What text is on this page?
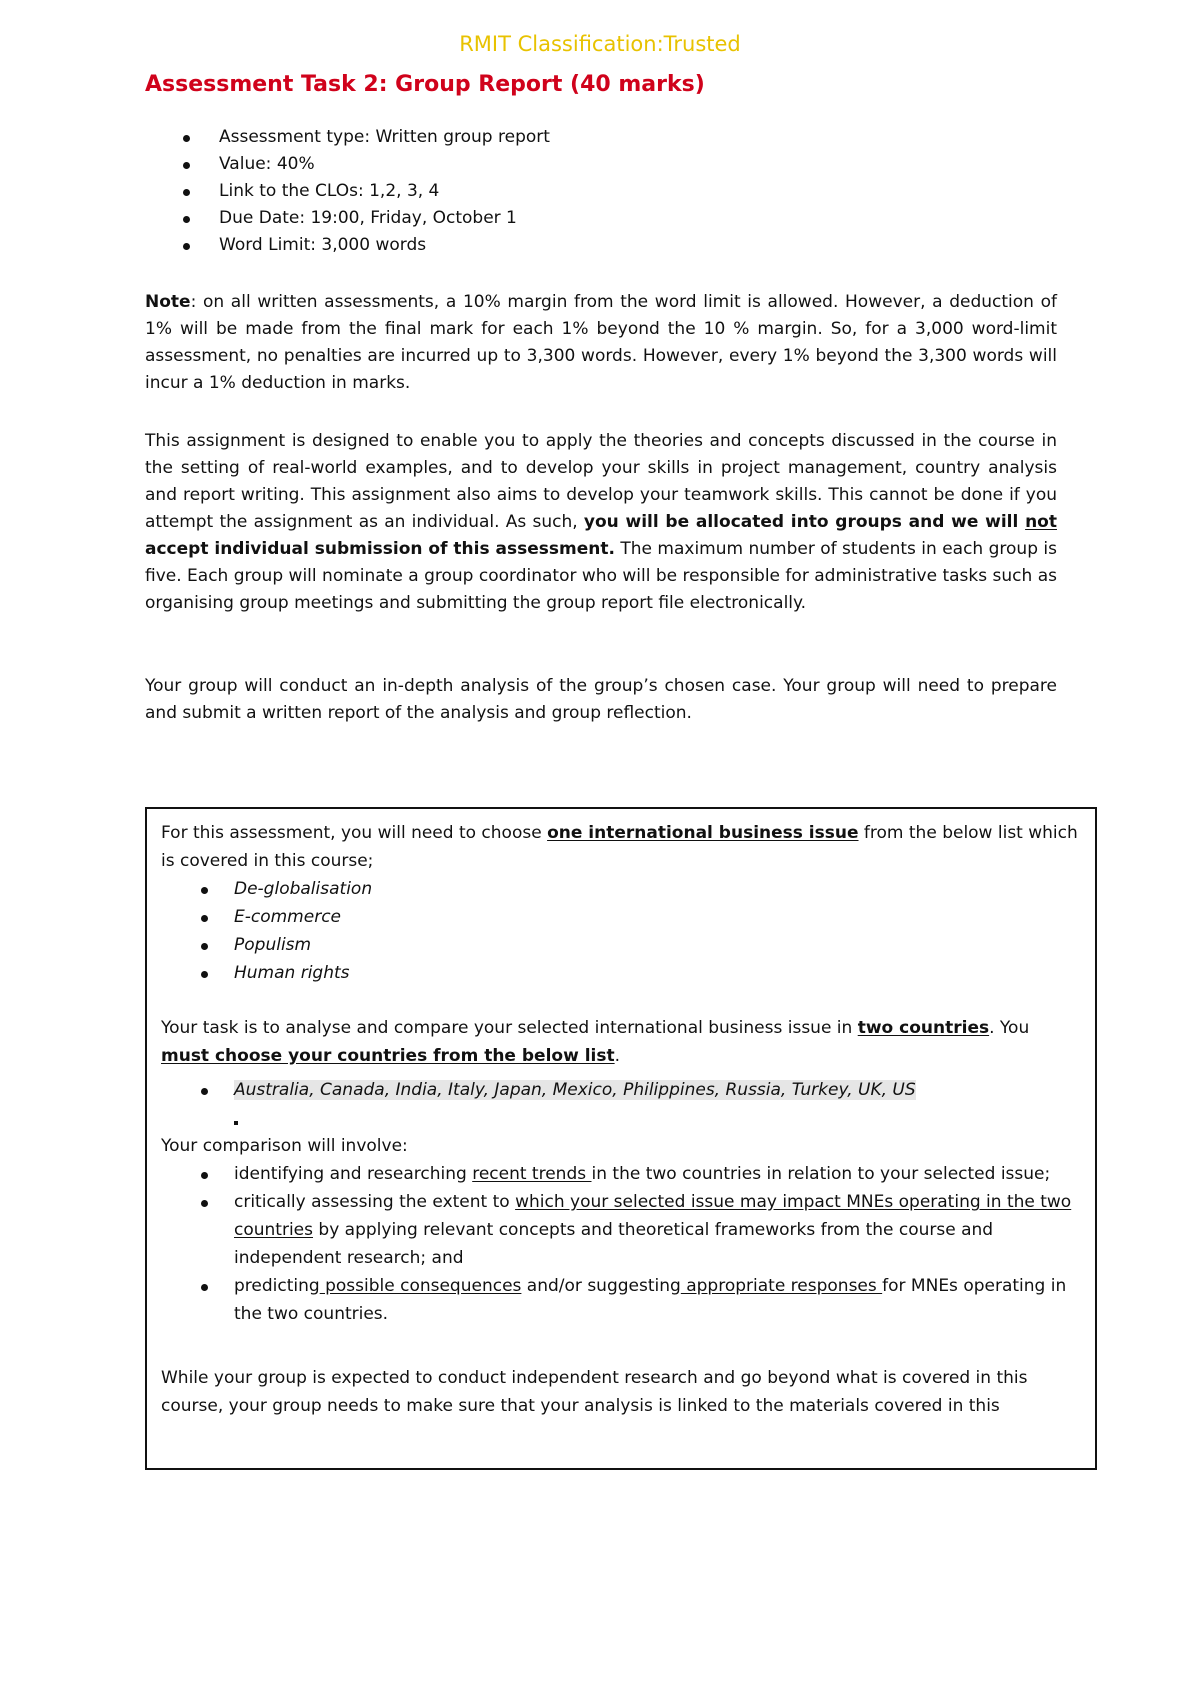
RMIT Classification:Trusted
Assessment Task 2: Group Report (40 marks)
Assessment type: Written group report
Value: 40%
Link to the CLOs: 1,2, 3, 4
Due Date: 19:00, Friday, October 1
Word Limit: 3,000 words

Note: on all written assessments, a 10% margin from the word limit is allowed. However, a deduction of 1% will be made from the final mark for each 1% beyond the 10 % margin. So, for a 3,000 word-limit assessment, no penalties are incurred up to 3,300 words. However, every 1% beyond the 3,300 words will incur a 1% deduction in marks.

This assignment is designed to enable you to apply the theories and concepts discussed in the course in the setting of real-world examples, and to develop your skills in project management, country analysis and report writing. This assignment also aims to develop your teamwork skills. This cannot be done if you attempt the assignment as an individual. As such, you will be allocated into groups and we will not accept individual submission of this assessment. The maximum number of students in each group is five. Each group will nominate a group coordinator who will be responsible for administrative tasks such as organising group meetings and submitting the group report file electronically.

Your group will conduct an in-depth analysis of the group’s chosen case. Your group will need to prepare and submit a written report of the analysis and group reflection.

For this assessment, you will need to choose one international business issue from the below list which is covered in this course;

De-globalisation
E-commerce
Populism
Human rights

Your task is to analyse and compare your selected international business issue in two countries. You must choose your countries from the below list.

Australia, Canada, India, Italy, Japan, Mexico, Philippines, Russia, Turkey, UK, US

Your comparison will involve:

identifying and researching recent trends in the two countries in relation to your selected issue;
critically assessing the extent to which your selected issue may impact MNEs operating in the two countries by applying relevant concepts and theoretical frameworks from the course and independent research; and
predicting possible consequences and/or suggesting appropriate responses for MNEs operating in the two countries.

While your group is expected to conduct independent research and go beyond what is covered in this course, your group needs to make sure that your analysis is linked to the materials covered in this
